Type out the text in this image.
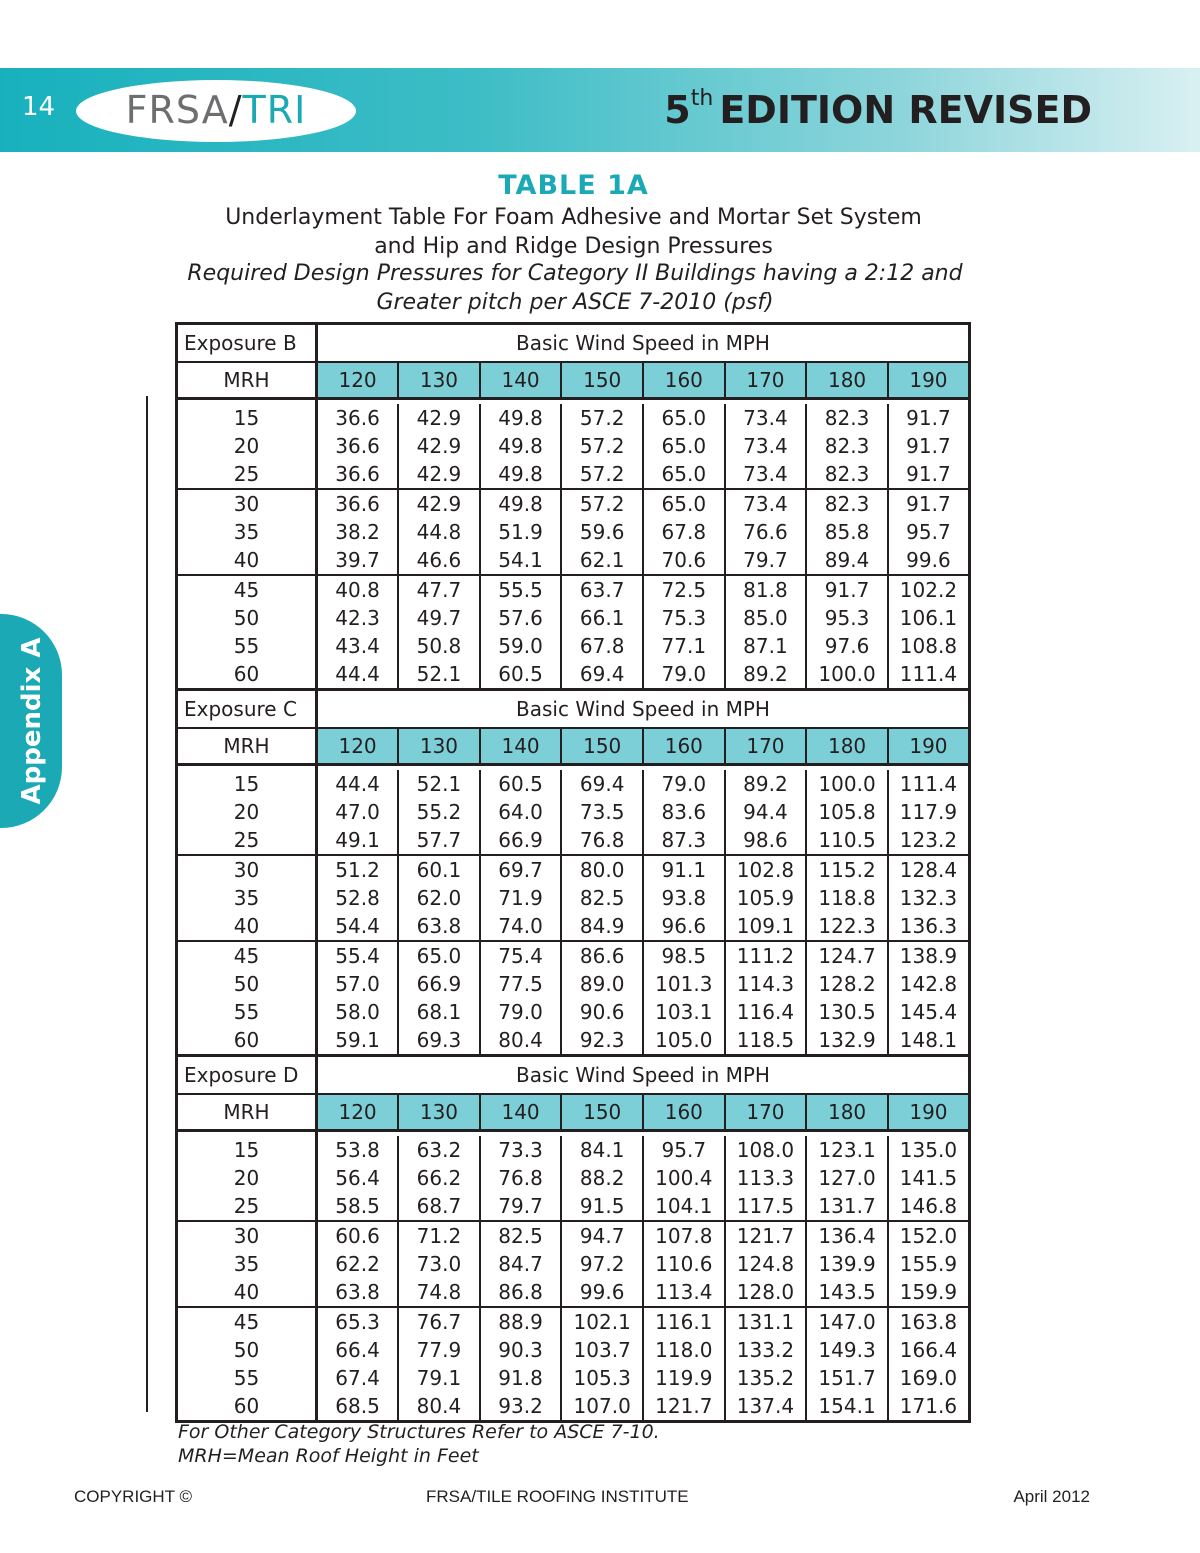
14	FRSA/TRI	5th EDITION REVISED
Appendix A
TABLE 1A
Underlayment Table For Foam Adhesive and Mortar Set System
and Hip and Ridge Design Pressures
Required Design Pressures for Category II Buildings having a 2:12 and
Greater pitch per ASCE 7-2010 (psf)
Exposure B	Basic Wind Speed in MPH							
MRH	120	130	140	150	160	170	180	190

15	36.6	42.9	49.8	57.2	65.0	73.4	82.3	91.7
20	36.6	42.9	49.8	57.2	65.0	73.4	82.3	91.7
25	36.6	42.9	49.8	57.2	65.0	73.4	82.3	91.7
30	36.6	42.9	49.8	57.2	65.0	73.4	82.3	91.7
35	38.2	44.8	51.9	59.6	67.8	76.6	85.8	95.7
40	39.7	46.6	54.1	62.1	70.6	79.7	89.4	99.6
45	40.8	47.7	55.5	63.7	72.5	81.8	91.7	102.2
50	42.3	49.7	57.6	66.1	75.3	85.0	95.3	106.1
55	43.4	50.8	59.0	67.8	77.1	87.1	97.6	108.8
60	44.4	52.1	60.5	69.4	79.0	89.2	100.0	111.4
Exposure C	Basic Wind Speed in MPH							
MRH	120	130	140	150	160	170	180	190

15	44.4	52.1	60.5	69.4	79.0	89.2	100.0	111.4
20	47.0	55.2	64.0	73.5	83.6	94.4	105.8	117.9
25	49.1	57.7	66.9	76.8	87.3	98.6	110.5	123.2
30	51.2	60.1	69.7	80.0	91.1	102.8	115.2	128.4
35	52.8	62.0	71.9	82.5	93.8	105.9	118.8	132.3
40	54.4	63.8	74.0	84.9	96.6	109.1	122.3	136.3
45	55.4	65.0	75.4	86.6	98.5	111.2	124.7	138.9
50	57.0	66.9	77.5	89.0	101.3	114.3	128.2	142.8
55	58.0	68.1	79.0	90.6	103.1	116.4	130.5	145.4
60	59.1	69.3	80.4	92.3	105.0	118.5	132.9	148.1
Exposure D	Basic Wind Speed in MPH							
MRH	120	130	140	150	160	170	180	190

15	53.8	63.2	73.3	84.1	95.7	108.0	123.1	135.0
20	56.4	66.2	76.8	88.2	100.4	113.3	127.0	141.5
25	58.5	68.7	79.7	91.5	104.1	117.5	131.7	146.8
30	60.6	71.2	82.5	94.7	107.8	121.7	136.4	152.0
35	62.2	73.0	84.7	97.2	110.6	124.8	139.9	155.9
40	63.8	74.8	86.8	99.6	113.4	128.0	143.5	159.9
45	65.3	76.7	88.9	102.1	116.1	131.1	147.0	163.8
50	66.4	77.9	90.3	103.7	118.0	133.2	149.3	166.4
55	67.4	79.1	91.8	105.3	119.9	135.2	151.7	169.0
60	68.5	80.4	93.2	107.0	121.7	137.4	154.1	171.6
For Other Category Structures Refer to ASCE 7-10.
MRH=Mean Roof Height in Feet
COPYRIGHT ©	FRSA/TILE ROOFING INSTITUTE	April 2012
